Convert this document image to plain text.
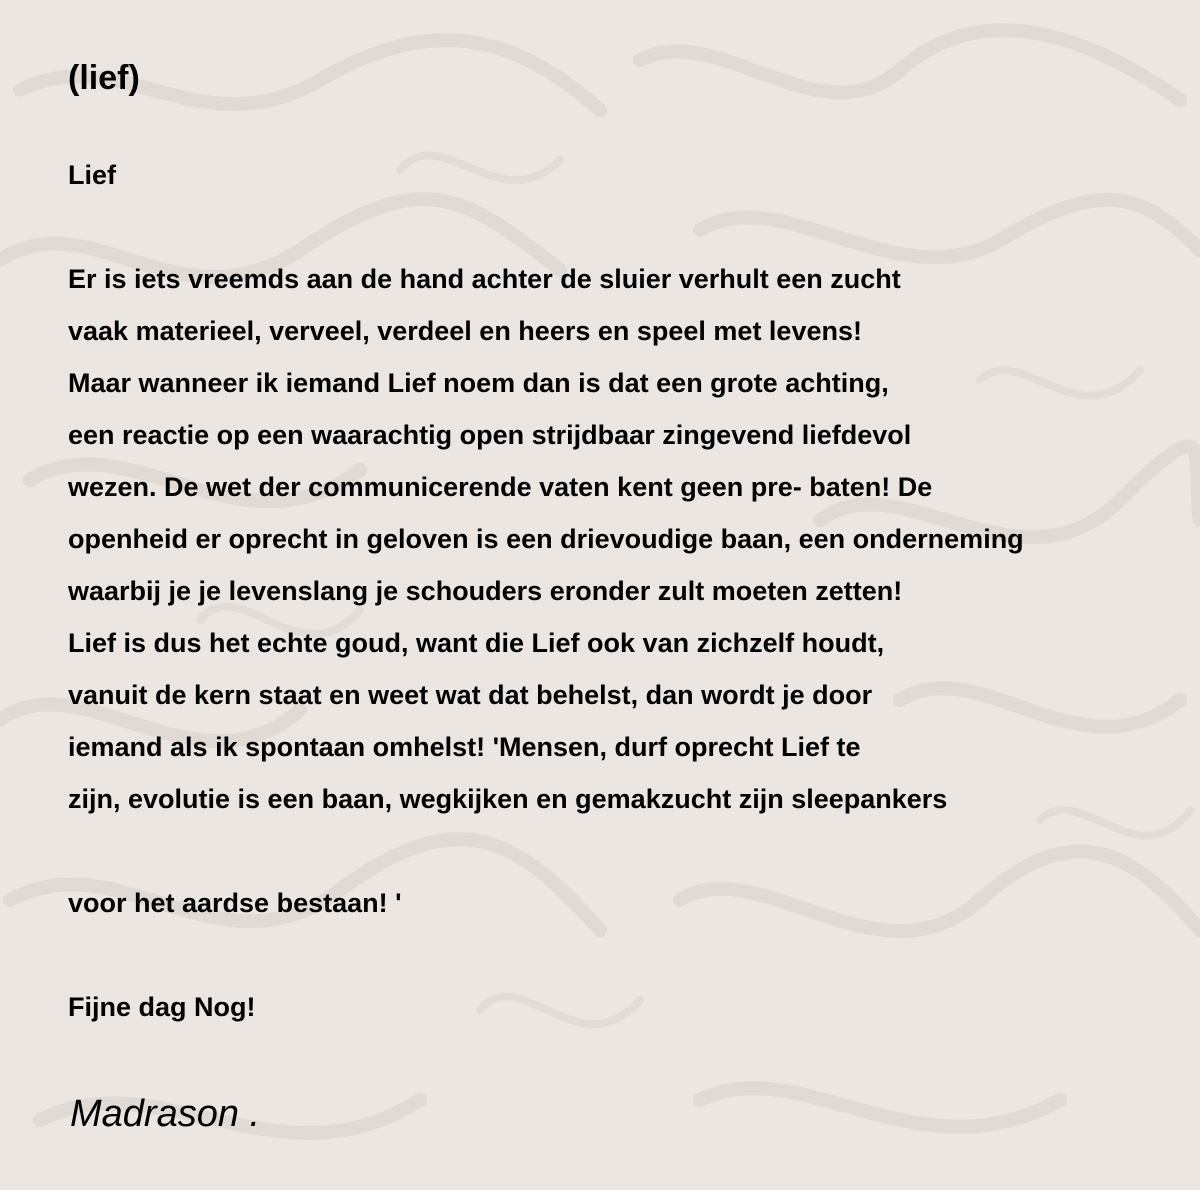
(lief)
Lief
Er is iets vreemds aan de hand achter de sluier verhult een zucht
vaak materieel, verveel, verdeel en heers en speel met levens!
Maar wanneer ik iemand Lief noem dan is dat een grote achting,
een reactie op een waarachtig open strijdbaar zingevend liefdevol
wezen. De wet der communicerende vaten kent geen pre- baten! De
openheid er oprecht in geloven is een drievoudige baan, een onderneming
waarbij je je levenslang je schouders eronder zult moeten zetten!
Lief is dus het echte goud, want die Lief ook van zichzelf houdt,
vanuit de kern staat en weet wat dat behelst, dan wordt je door
iemand als ik spontaan omhelst! 'Mensen, durf oprecht Lief te
zijn, evolutie is een baan, wegkijken en gemakzucht zijn sleepankers
voor het aardse bestaan! '
Fijne dag Nog!
Madrason .
